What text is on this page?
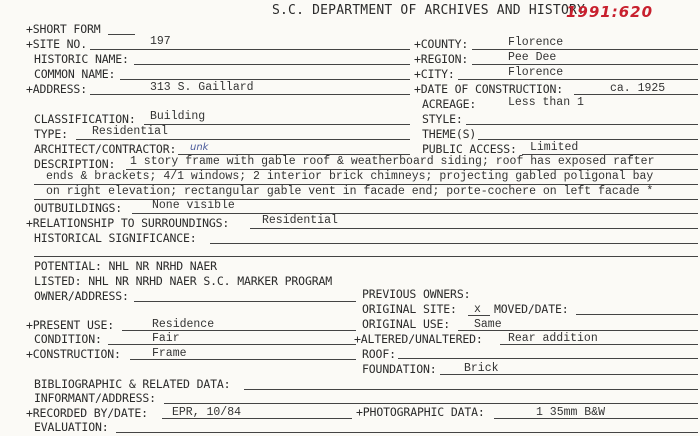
S.C. DEPARTMENT OF ARCHIVES AND HISTORY
1991:620
+SHORT FORM
+SITE NO.	197
HISTORIC NAME:
COMMON NAME:
+ADDRESS:	313 S. Gaillard
+COUNTY:	Florence
+REGION:	Pee Dee
+CITY:	Florence
+DATE OF CONSTRUCTION:	ca. 1925
ACREAGE:	Less than 1
CLASSIFICATION: Building
TYPE: Residential
ARCHITECT/CONTRACTOR: unk
STYLE:
THEME(S)
PUBLIC ACCESS: Limited
DESCRIPTION: 1 story frame with gable roof & weatherboard siding; roof has exposed rafter
ends & brackets; 4/1 windows; 2 interior brick chimneys; projecting gabled poligonal bay
on right elevation; rectangular gable vent in facade end; porte-cochere on left facade *
OUTBUILDINGS:	None visible
+RELATIONSHIP TO SURROUNDINGS:	Residential
HISTORICAL SIGNIFICANCE:
POTENTIAL: NHL NR NRHD NAER
LISTED: NHL NR NRHD NAER S.C. MARKER PROGRAM
OWNER/ADDRESS:	PREVIOUS OWNERS:
ORIGINAL SITE: x MOVED/DATE:
+PRESENT USE:	Residence	ORIGINAL USE: Same
CONDITION:	Fair	+ALTERED/UNALTERED: Rear addition
+CONSTRUCTION:	Frame	ROOF:
FOUNDATION: Brick
BIBLIOGRAPHIC & RELATED DATA:
INFORMANT/ADDRESS:
+RECORDED BY/DATE: EPR, 10/84	+PHOTOGRAPHIC DATA:	1 35mm B&W
EVALUATION:
